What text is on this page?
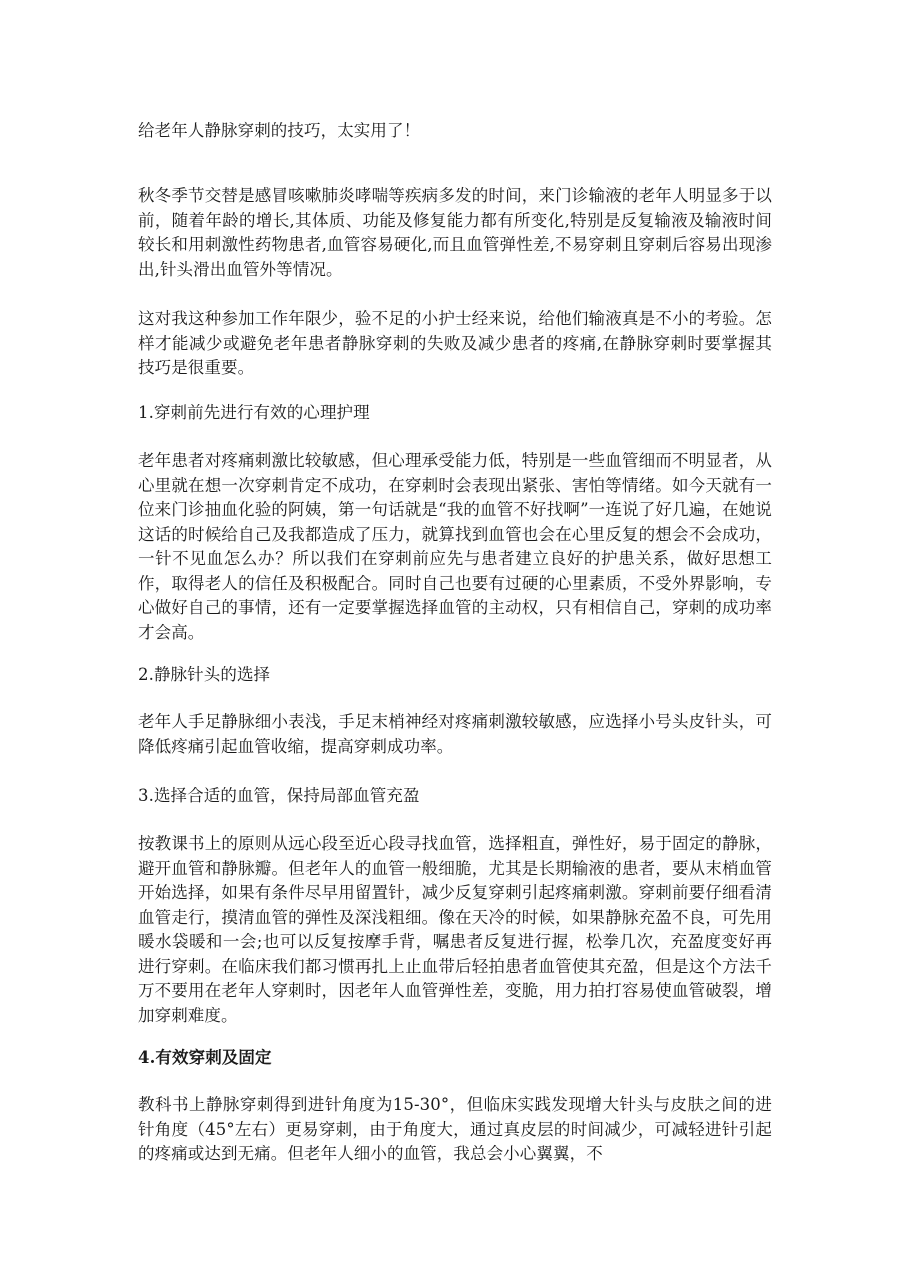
给老年人静脉穿刺的技巧，太实用了！

秋冬季节交替是感冒咳嗽肺炎哮喘等疾病多发的时间，来门诊输液的老年人明显多于以前，随着年龄的增长,其体质、功能及修复能力都有所变化,特别是反复输液及输液时间较长和用刺激性药物患者,血管容易硬化,而且血管弹性差,不易穿刺且穿刺后容易出现渗出,针头滑出血管外等情况。

这对我这种参加工作年限少，验不足的小护士经来说，给他们输液真是不小的考验。怎样才能减少或避免老年患者静脉穿刺的失败及减少患者的疼痛,在静脉穿刺时要掌握其技巧是很重要。

1.穿刺前先进行有效的心理护理

老年患者对疼痛刺激比较敏感，但心理承受能力低，特别是一些血管细而不明显者，从心里就在想一次穿刺肯定不成功，在穿刺时会表现出紧张、害怕等情绪。如今天就有一位来门诊抽血化验的阿姨，第一句话就是“我的血管不好找啊”一连说了好几遍，在她说这话的时候给自己及我都造成了压力，就算找到血管也会在心里反复的想会不会成功，一针不见血怎么办？所以我们在穿刺前应先与患者建立良好的护患关系，做好思想工作，取得老人的信任及积极配合。同时自己也要有过硬的心里素质，不受外界影响，专心做好自己的事情，还有一定要掌握选择血管的主动权，只有相信自己，穿刺的成功率才会高。

2.静脉针头的选择

老年人手足静脉细小表浅，手足末梢神经对疼痛刺激较敏感，应选择小号头皮针头，可降低疼痛引起血管收缩，提高穿刺成功率。

3.选择合适的血管，保持局部血管充盈

按教课书上的原则从远心段至近心段寻找血管，选择粗直，弹性好，易于固定的静脉，避开血管和静脉瓣。但老年人的血管一般细脆，尤其是长期输液的患者，要从末梢血管开始选择，如果有条件尽早用留置针，减少反复穿刺引起疼痛刺激。穿刺前要仔细看清血管走行，摸清血管的弹性及深浅粗细。像在天冷的时候，如果静脉充盈不良，可先用暖水袋暖和一会;也可以反复按摩手背，嘱患者反复进行握，松拳几次，充盈度变好再进行穿刺。在临床我们都习惯再扎上止血带后轻拍患者血管使其充盈，但是这个方法千万不要用在老年人穿刺时，因老年人血管弹性差，变脆，用力拍打容易使血管破裂，增加穿刺难度。

4.有效穿刺及固定

教科书上静脉穿刺得到进针角度为15-30°，但临床实践发现增大针头与皮肤之间的进针角度（45°左右）更易穿刺，由于角度大，通过真皮层的时间减少，可减轻进针引起的疼痛或达到无痛。但老年人细小的血管，我总会小心翼翼，不
